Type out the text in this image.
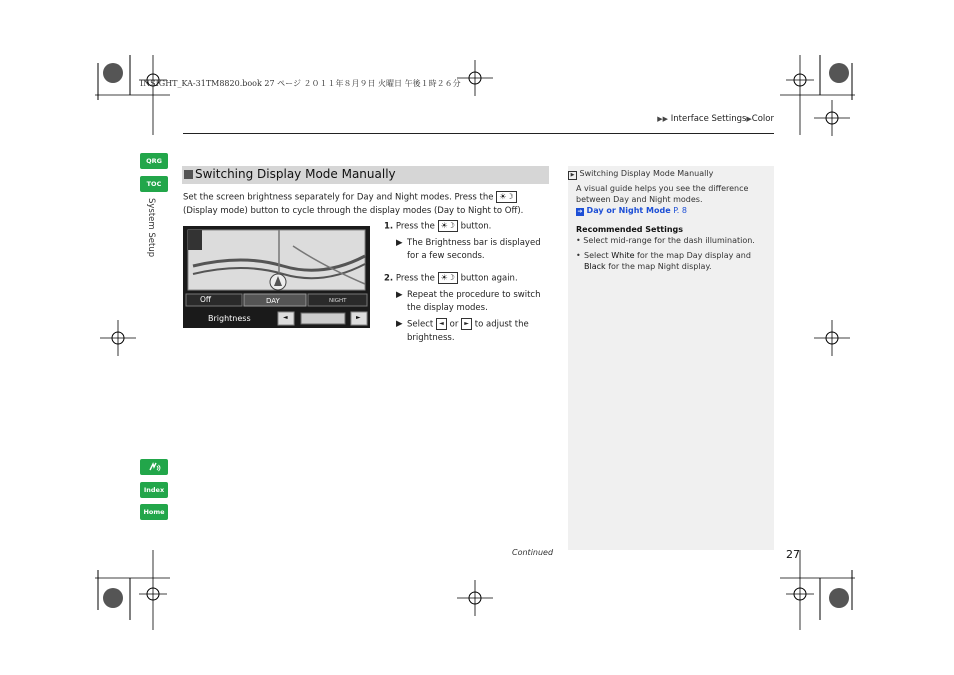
INSIGHT_KA-31TM8820.book 27 ページ ２０１１年８月９日 火曜日 午後１時２６分
▶▶ Interface Settings▶Color
QRG
TOC
System Setup
Index
Home
Switching Display Mode Manually
Set the screen brightness separately for Day and Night modes. Press the ☀☽
(Display mode) button to cycle through the display modes (Day to Night to Off).
Off	DAY	NIGHT
Brightness	◄	►
1. Press the ☀☽ button.
▶ The Brightness bar is displayed for a few seconds.
2. Press the ☀☽ button again.
▶ Repeat the procedure to switch the display modes.
▶ Select ◄ or ► to adjust the brightness.
▶ Switching Display Mode Manually
A visual guide helps you see the difference between Day and Night modes.
➔ Day or Night Mode P. 8
Recommended Settings
• Select mid-range for the dash illumination.
• Select White for the map Day display and Black for the map Night display.
Continued	27
